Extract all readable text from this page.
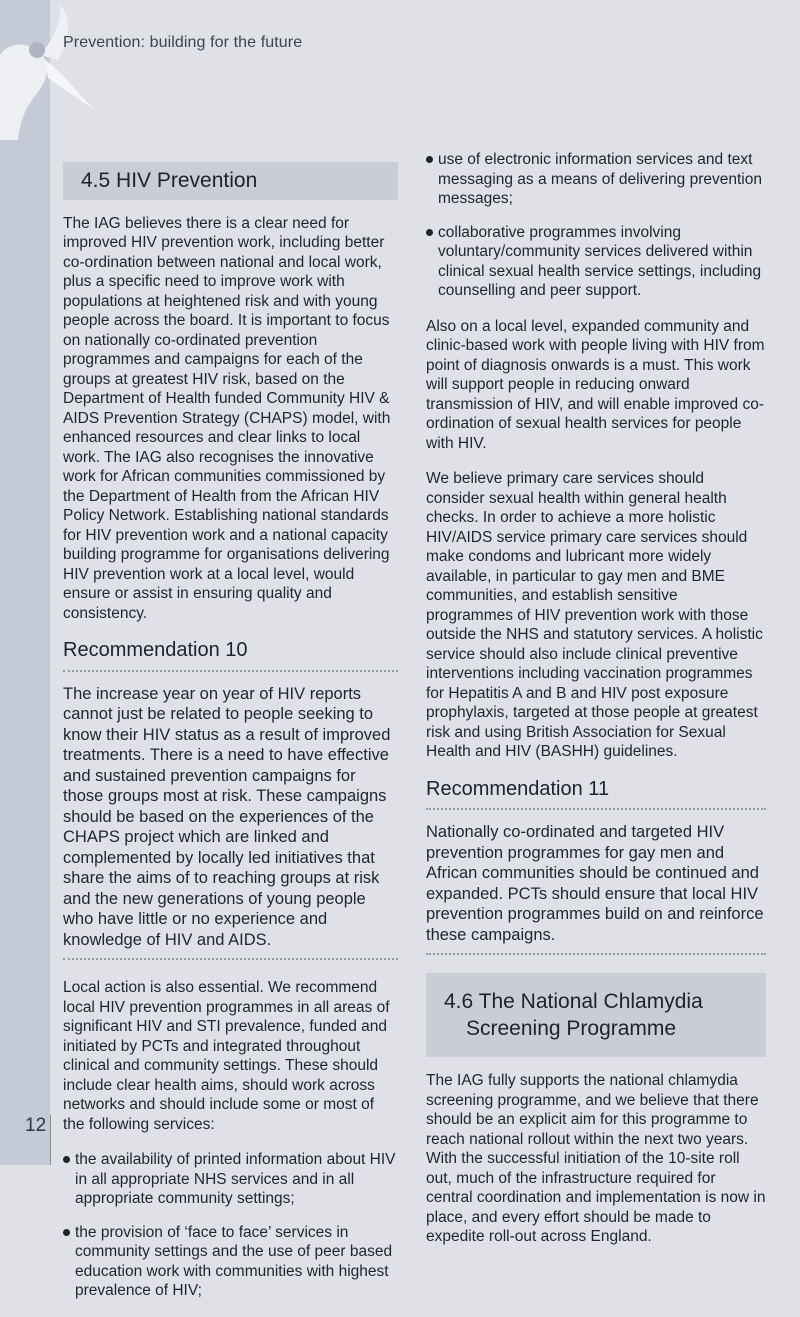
Prevention: building for the future
4.5 HIV Prevention

The IAG believes there is a clear need for improved HIV prevention work, including better co-ordination between national and local work, plus a specific need to improve work with populations at heightened risk and with young people across the board. It is important to focus on nationally co-ordinated prevention programmes and campaigns for each of the groups at greatest HIV risk, based on the Department of Health funded Community HIV & AIDS Prevention Strategy (CHAPS) model, with enhanced resources and clear links to local work. The IAG also recognises the innovative work for African communities commissioned by the Department of Health from the African HIV Policy Network. Establishing national standards for HIV prevention work and a national capacity building programme for organisations delivering HIV prevention work at a local level, would ensure or assist in ensuring quality and consistency.

Recommendation 10
The increase year on year of HIV reports cannot just be related to people seeking to know their HIV status as a result of improved treatments. There is a need to have effective and sustained prevention campaigns for those groups most at risk. These campaigns should be based on the experiences of the CHAPS project which are linked and complemented by locally led initiatives that share the aims of to reaching groups at risk and the new generations of young people who have little or no experience and knowledge of HIV and AIDS.

Local action is also essential. We recommend local HIV prevention programmes in all areas of significant HIV and STI prevalence, funded and initiated by PCTs and integrated throughout clinical and community settings. These should include clear health aims, should work across networks and should include some or most of the following services:

the availability of printed information about HIV in all appropriate NHS services and in all appropriate community settings;
the provision of ‘face to face’ services in community settings and the use of peer based education work with communities with highest prevalence of HIV;
use of electronic information services and text messaging as a means of delivering prevention messages;
collaborative programmes involving voluntary/community services delivered within clinical sexual health service settings, including counselling and peer support.

Also on a local level, expanded community and clinic-based work with people living with HIV from point of diagnosis onwards is a must. This work will support people in reducing onward transmission of HIV, and will enable improved co-ordination of sexual health services for people with HIV.

We believe primary care services should consider sexual health within general health checks. In order to achieve a more holistic HIV/AIDS service primary care services should make condoms and lubricant more widely available, in particular to gay men and BME communities, and establish sensitive programmes of HIV prevention work with those outside the NHS and statutory services. A holistic service should also include clinical preventive interventions including vaccination programmes for Hepatitis A and B and HIV post exposure prophylaxis, targeted at those people at greatest risk and using British Association for Sexual Health and HIV (BASHH) guidelines.

Recommendation 11
Nationally co-ordinated and targeted HIV prevention programmes for gay men and African communities should be continued and expanded. PCTs should ensure that local HIV prevention programmes build on and reinforce these campaigns.
4.6 The National Chlamydia
Screening Programme

The IAG fully supports the national chlamydia screening programme, and we believe that there should be an explicit aim for this programme to reach national rollout within the next two years. With the successful initiation of the 10-site roll out, much of the infrastructure required for central coordination and implementation is now in place, and every effort should be made to expedite roll-out across England.

12
